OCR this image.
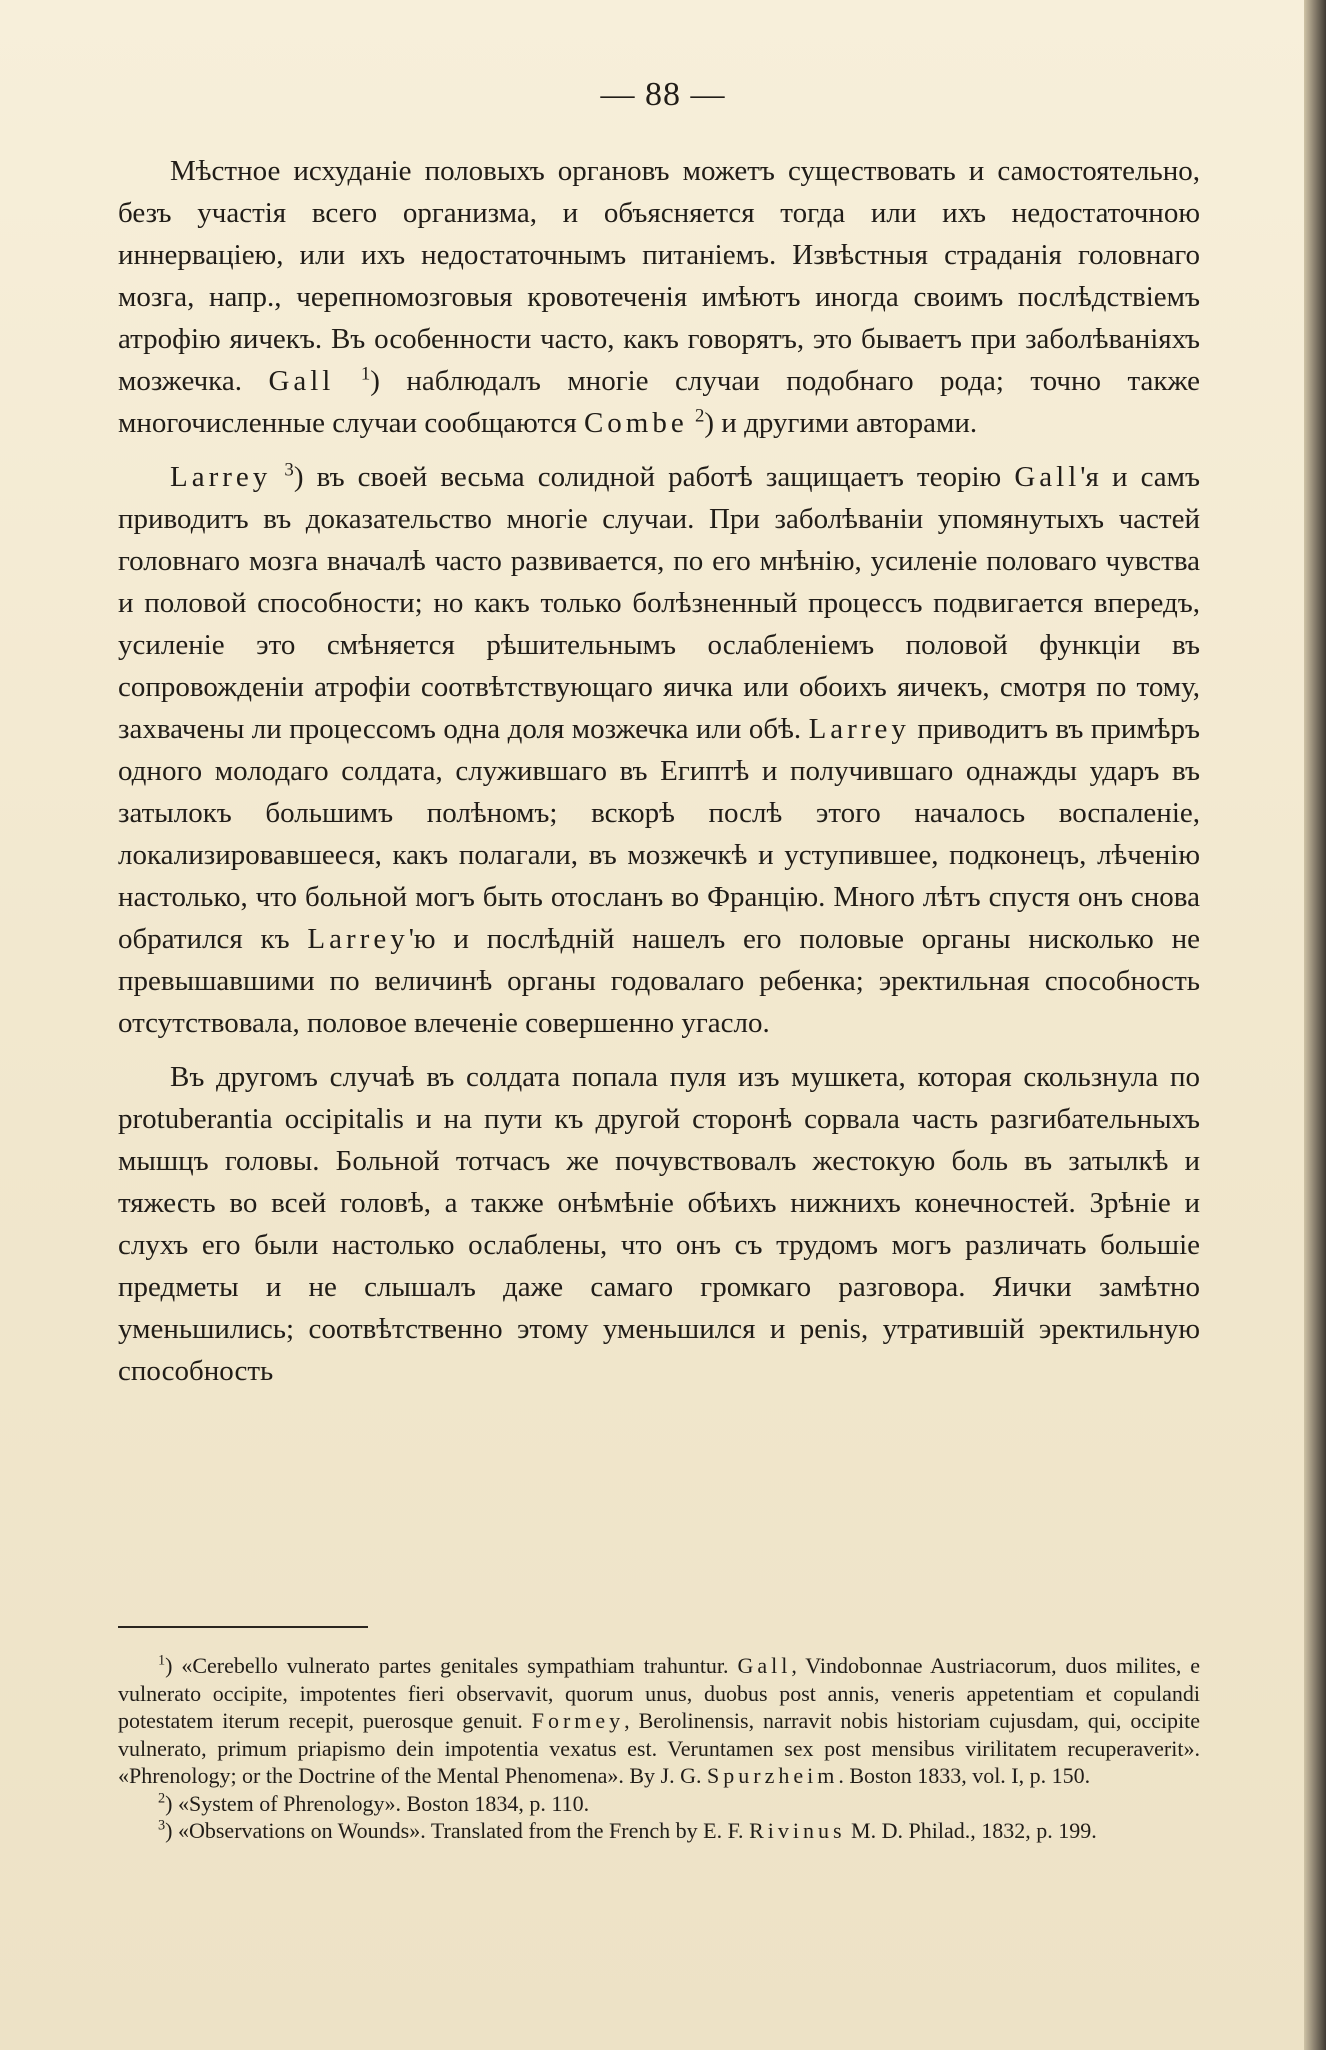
— 88 —

Мѣстное исхуданіе половыхъ органовъ можетъ существовать и самостоятельно, безъ участія всего организма, и объясняется тогда или ихъ недостаточною иннерваціею, или ихъ недостаточнымъ питаніемъ. Извѣстныя страданія головнаго мозга, напр., черепномозговыя кровотеченія имѣютъ иногда своимъ послѣдствіемъ атрофію яичекъ. Въ особенности часто, какъ говорятъ, это бываетъ при заболѣваніяхъ мозжечка. Gall $^1$) наблюдалъ многіе случаи подобнаго рода; точно также многочисленные случаи сообщаются Combe $^2$) и другими авторами.

Larrey $^3$) въ своей весьма солидной работѣ защищаетъ теорію Gall'я и самъ приводитъ въ доказательство многіе случаи. При заболѣваніи упомянутыхъ частей головнаго мозга вначалѣ часто развивается, по его мнѣнію, усиленіе половаго чувства и половой способности; но какъ только болѣзненный процессъ подвигается впередъ, усиленіе это смѣняется рѣшительнымъ ослабленіемъ половой функціи въ сопровожденіи атрофіи соотвѣтствующаго яичка или обоихъ яичекъ, смотря по тому, захвачены ли процессомъ одна доля мозжечка или обѣ. Larrey приводитъ въ примѣръ одного молодаго солдата, служившаго въ Египтѣ и получившаго однажды ударъ въ затылокъ большимъ полѣномъ; вскорѣ послѣ этого началось воспаленіе, локализировавшееся, какъ полагали, въ мозжечкѣ и уступившее, подконецъ, лѣченію настолько, что больной могъ быть отосланъ во Францію. Много лѣтъ спустя онъ снова обратился къ Larrey'ю и послѣдній нашелъ его половые органы нисколько не превышавшими по величинѣ органы годовалаго ребенка; эректильная способность отсутствовала, половое влеченіе совершенно угасло.

Въ другомъ случаѣ въ солдата попала пуля изъ мушкета, которая скользнула по protuberantia occipitalis и на пути къ другой сторонѣ сорвала часть разгибательныхъ мышцъ головы. Больной тотчасъ же почувствовалъ жестокую боль въ затылкѣ и тяжесть во всей головѣ, а также онѣмѣніе обѣихъ нижнихъ конечностей. Зрѣніе и слухъ его были настолько ослаблены, что онъ съ трудомъ могъ различать большіе предметы и не слышалъ даже самаго громкаго разговора. Яички замѣтно уменьшились; соотвѣтственно этому уменьшился и penis, утратившій эректильную способность

$^1$) «Cerebello vulnerato partes genitales sympathiam trahuntur. Gall, Vindobonnae Austriacorum, duos milites, e vulnerato occipite, impotentes fieri observavit, quorum unus, duobus post annis, veneris appetentiam et copulandi potestatem iterum recepit, puerosque genuit. Formey, Berolinensis, narravit nobis historiam cujusdam, qui, occipite vulnerato, primum priapismo dein impotentia vexatus est. Veruntamen sex post mensibus virilitatem recuperaverit». «Phrenology; or the Doctrine of the Mental Phenomena». By J. G. Spurzheim. Boston 1833, vol. I, p. 150.

$^2$) «System of Phrenology». Boston 1834, p. 110.

$^3$) «Observations on Wounds». Translated from the French by E. F. Rivinus M. D. Philad., 1832, p. 199.
